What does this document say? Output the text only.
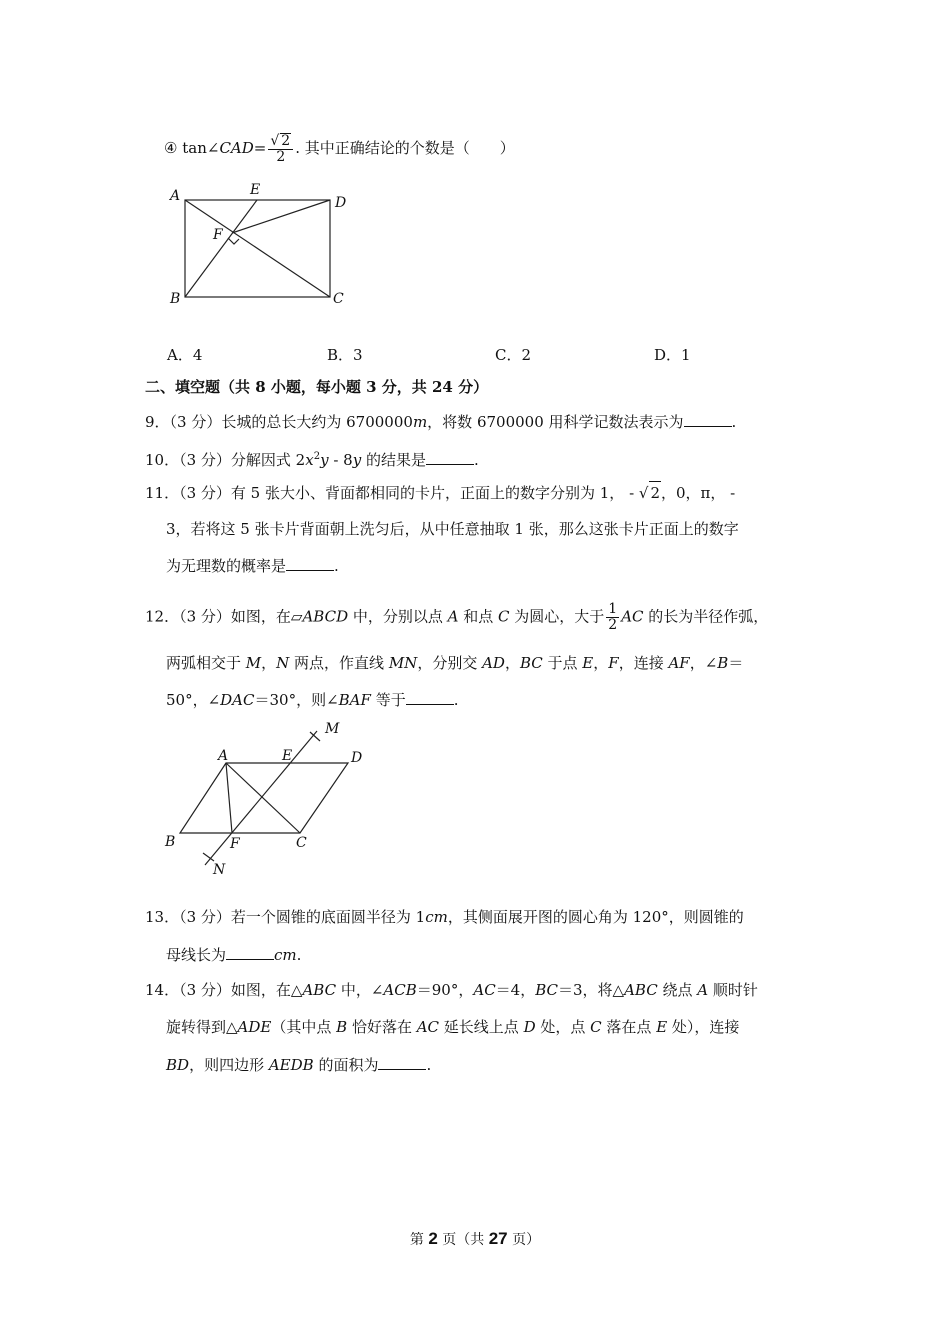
④ tan∠CAD= $\frac{√ 2}{2}$ . 其中正确结论的个数是（　　）
A	E
D
F
B	C
A．4	B．3	C．2	D．1
二、填空题（共 8 小题，每小题 3 分，共 24 分）
9．（3 分）长城的总长大约为 6700000m，将数 6700000 用科学记数法表示为	.
10．（3 分）分解因式 $2x^2y$ ‑ 8y 的结果是	.
11．（3 分）有 5 张大小、背面都相同的卡片，正面上的数字分别为 1， ‑ √ 2，0，π， ‑
3，若将这 5 张卡片背面朝上洗匀后，从中任意抽取 1 张，那么这张卡片正面上的数字
为无理数的概率是	.
12．（3 分）如图，在▱ABCD 中，分别以点 A 和点 C 为圆心，大于 $\frac{1}{2}$ AC 的长为半径作弧，
两弧相交于 M，N 两点，作直线 MN，分别交 AD，BC 于点 E，F，连接 AF，∠B＝
50°，∠DAC＝30°，则∠BAF 等于	.
M
A	E	D
B	F	C
N
13．（3 分）若一个圆锥的底面圆半径为 1cm，其侧面展开图的圆心角为 120°，则圆锥的
母线长为	cm.
14．（3 分）如图，在△ABC 中，∠ACB＝90°，AC＝4，BC＝3，将△ABC 绕点 A 顺时针
旋转得到△ADE（其中点 B 恰好落在 AC 延长线上点 D 处，点 C 落在点 E 处），连接
BD，则四边形 AEDB 的面积为	.
第 2 页（共 27 页）
